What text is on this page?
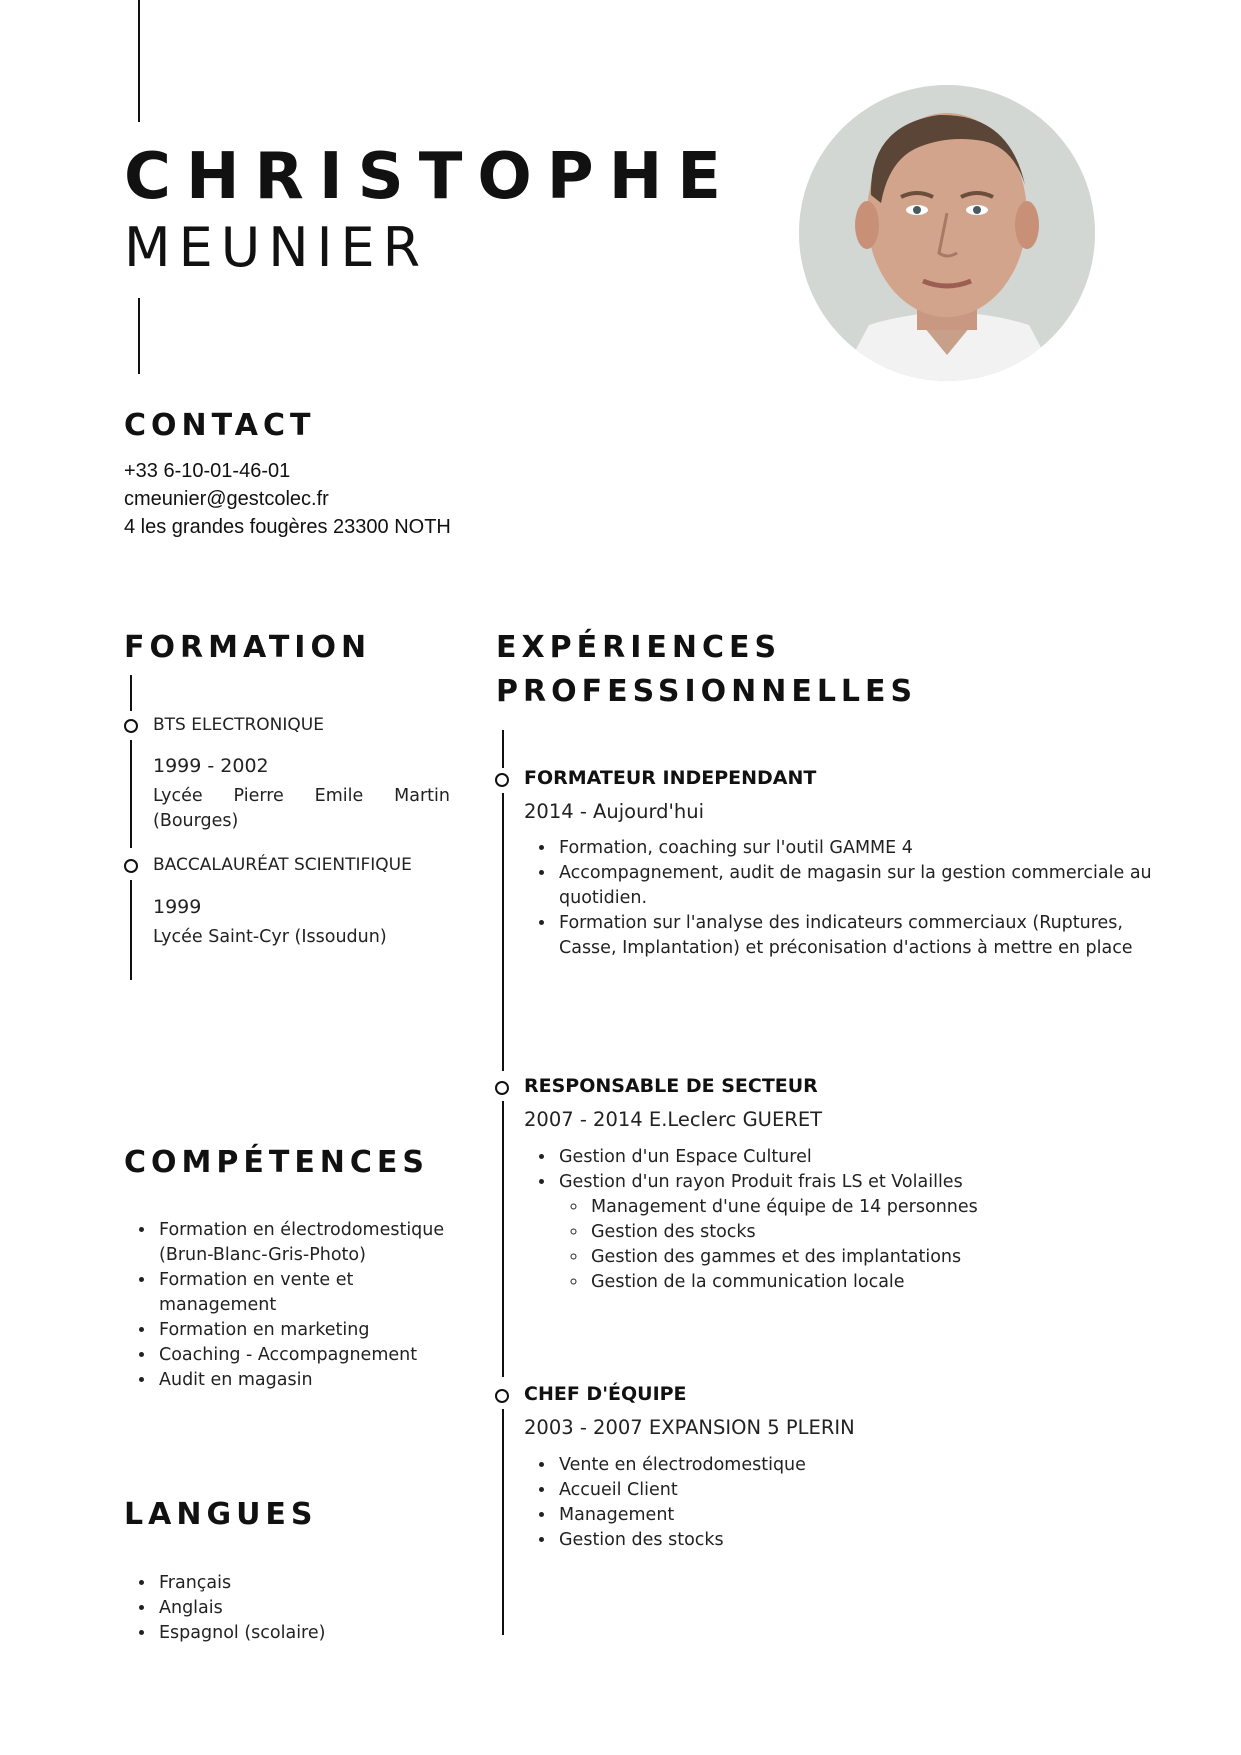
CHRISTOPHE
MEUNIER
CONTACT
+33 6-10-01-46-01
cmeunier@gestcolec.fr
4 les grandes fougères 23300 NOTH
FORMATION
BTS ELECTRONIQUE
1999 - 2002
Lycée Pierre Emile Martin (Bourges)
BACCALAURÉAT SCIENTIFIQUE
1999
Lycée Saint-Cyr (Issoudun)
COMPÉTENCES
• Formation en électrodomestique (Brun-Blanc-Gris-Photo)
• Formation en vente et management
• Formation en marketing
• Coaching - Accompagnement
• Audit en magasin
LANGUES
• Français
• Anglais
• Espagnol (scolaire)
EXPÉRIENCES
PROFESSIONNELLES
FORMATEUR INDEPENDANT
2014 - Aujourd'hui
• Formation, coaching sur l'outil GAMME 4
• Accompagnement, audit de magasin sur la gestion commerciale au quotidien.
• Formation sur l'analyse des indicateurs commerciaux (Ruptures, Casse, Implantation) et préconisation d'actions à mettre en place
RESPONSABLE DE SECTEUR
2007 - 2014 E.Leclerc GUERET
• Gestion d'un Espace Culturel
• Gestion d'un rayon Produit frais LS et Volailles
◦ Management d'une équipe de 14 personnes
◦ Gestion des stocks
◦ Gestion des gammes et des implantations
◦ Gestion de la communication locale
CHEF D'ÉQUIPE
2003 - 2007 EXPANSION 5 PLERIN
• Vente en électrodomestique
• Accueil Client
• Management
• Gestion des stocks
